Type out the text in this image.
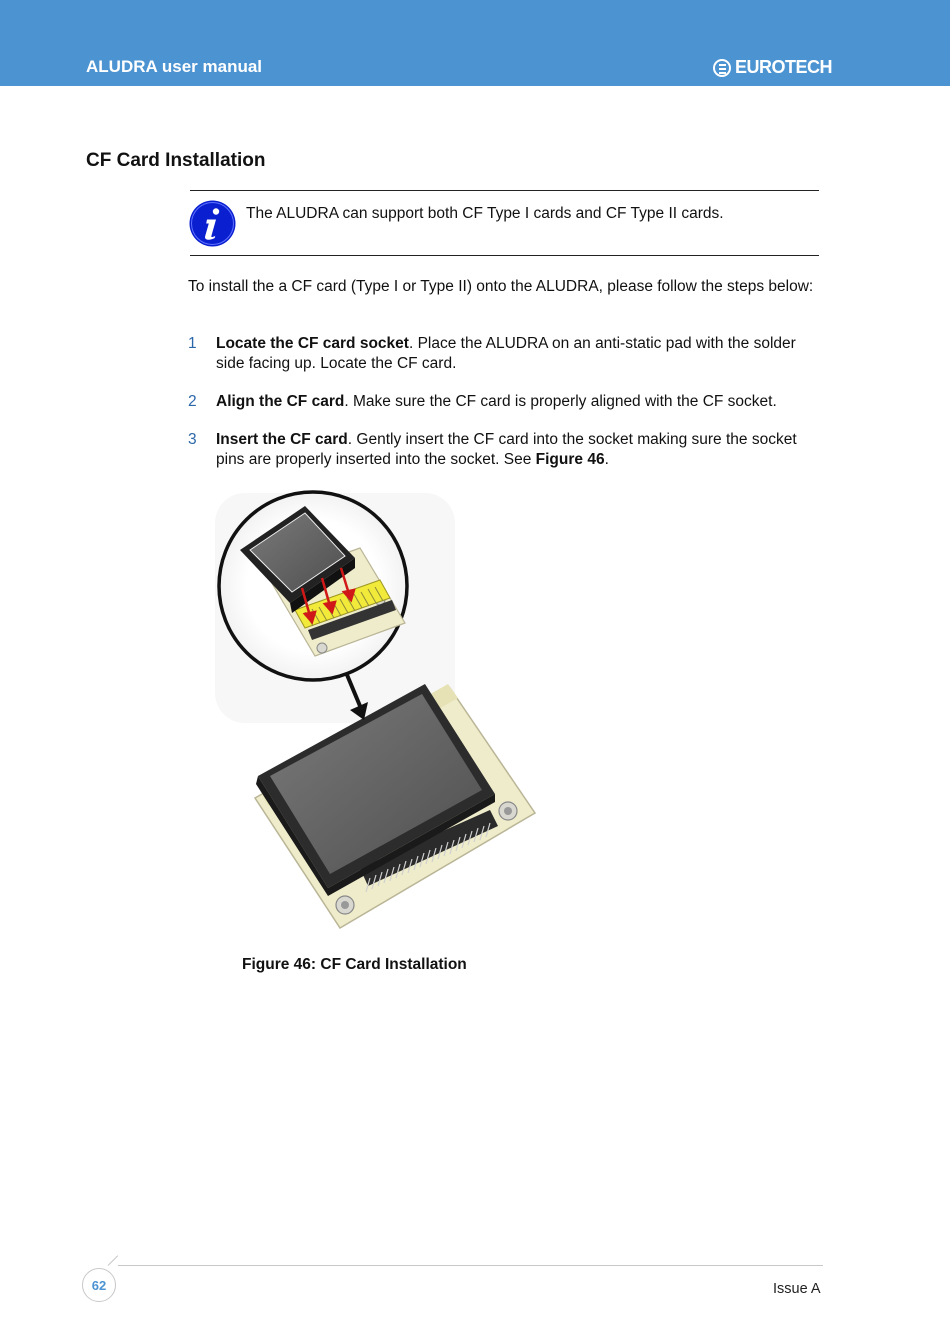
ALUDRA user manual	EUROTECH
CF Card Installation
The ALUDRA can support both CF Type I cards and CF Type II cards.
To install the a CF card (Type I or Type II) onto the ALUDRA, please follow the steps below:
1 Locate the CF card socket. Place the ALUDRA on an anti-static pad with the solder side facing up. Locate the CF card.
2 Align the CF card. Make sure the CF card is properly aligned with the CF socket.
3 Insert the CF card. Gently insert the CF card into the socket making sure the socket pins are properly inserted into the socket. See Figure 46.
Figure 46: CF Card Installation
62	Issue A
